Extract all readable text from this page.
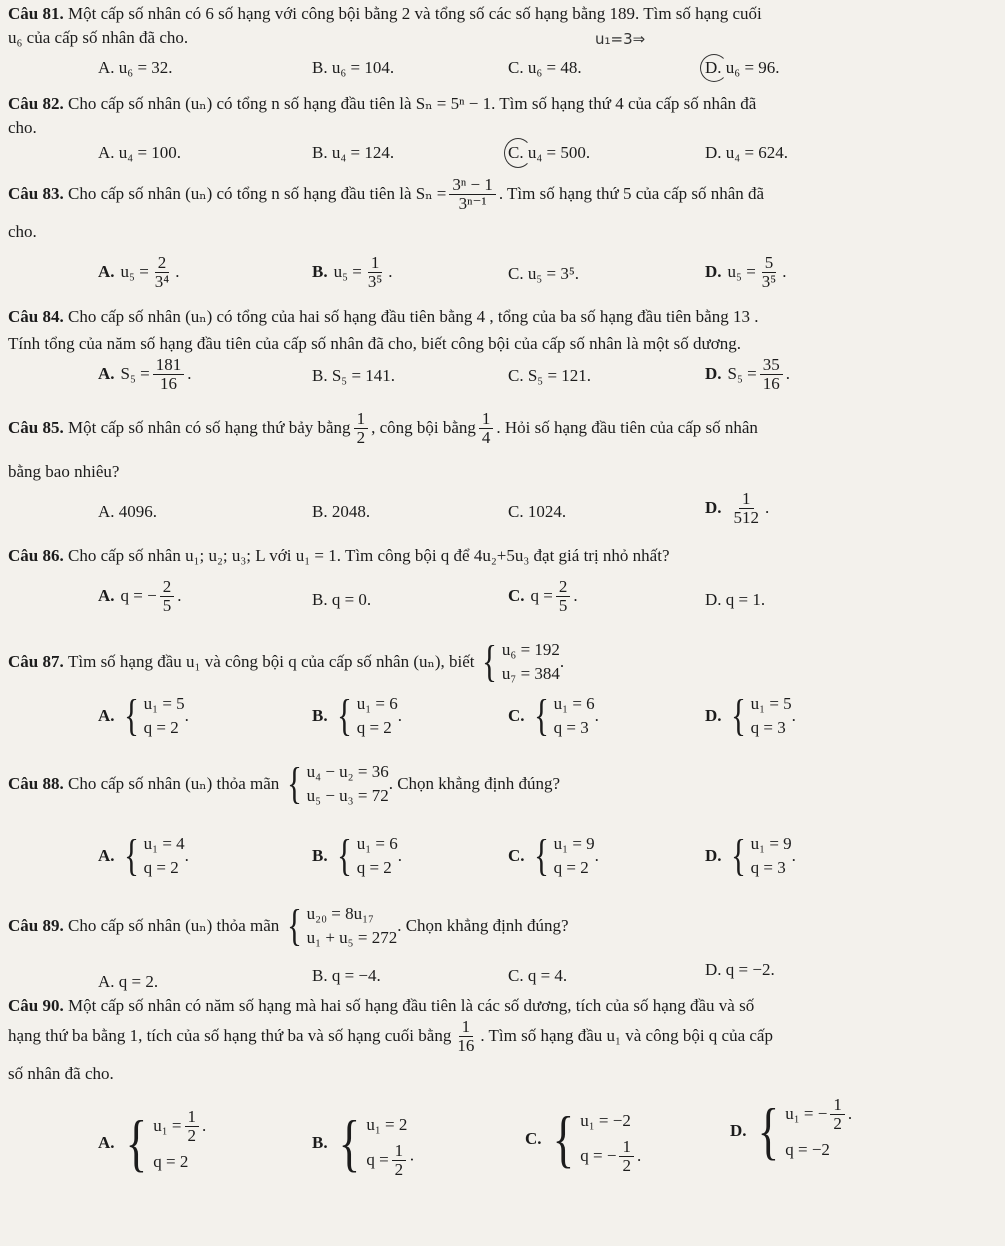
Câu 81. Một cấp số nhân có 6 số hạng với công bội bằng 2 và tổng số các số hạng bằng 189. Tìm số hạng cuối
u₆ của cấp số nhân đã cho.	u₁=3⇒
A. u₆ = 32.	B. u₆ = 104.	C. u₆ = 48.	D. u₆ = 96.
Câu 82. Cho cấp số nhân (uₙ) có tổng n số hạng đầu tiên là Sₙ = 5ⁿ − 1. Tìm số hạng thứ 4 của cấp số nhân đã
cho.
A. u₄ = 100.	B. u₄ = 124.	C. u₄ = 500.	D. u₄ = 624.
Câu 83.
Cho cấp số nhân (uₙ) có tổng n số hạng đầu tiên là $S_n = \frac{\text{3ⁿ − 1}}{\text{3ⁿ⁻¹}}$ . Tìm số hạng thứ 5 của cấp số nhân đã
cho.
A. $u_5 = \frac{2}{\text{3⁴}}$ .	B. $u_5 = \frac{1}{\text{3⁵}}$ .	C. u₅ = 3⁵.	D. $u_5 = \frac{5}{\text{3⁵}}$ .
Câu 84. Cho cấp số nhân (uₙ) có tổng của hai số hạng đầu tiên bằng 4 , tổng của ba số hạng đầu tiên bằng 13 .
Tính tổng của năm số hạng đầu tiên của cấp số nhân đã cho, biết công bội của cấp số nhân là một số dương.
A. $S_5 = \frac{181}{16}$ .	B. S₅ = 141.	C. S₅ = 121.	D. $S_5 = \frac{35}{16}$ .
Câu 85.
Một cấp số nhân có số hạng thứ bảy bằng $\frac{1}{2}$ , công bội bằng $\frac{1}{4}$ . Hỏi số hạng đầu tiên của cấp số nhân
bằng bao nhiêu?
A. 4096.	B. 2048.	C. 1024.	D. $\frac{1}{512}$ .
Câu 86. Cho cấp số nhân u₁; u₂; u₃; L với u₁ = 1. Tìm công bội q để 4u₂+5u₃ đạt giá trị nhỏ nhất?
A. q = − $\frac{2}{5}$ .	B. q = 0.	C. $q = \frac{2}{5}$ .	D. q = 1.
Câu 87.
Tìm số hạng đầu u₁ và công bội q của cấp số nhân (uₙ), biết
{ u₆ = 192
u₇ = 384
.
A. { u₁ = 5
q = 2
.	B. { u₁ = 6
q = 2
.	C. { u₁ = 6
q = 3
.	D. { u₁ = 5
q = 3
.
Câu 88.
Cho cấp số nhân (uₙ) thỏa mãn
{ u₄ − u₂ = 36
u₅ − u₃ = 72
. Chọn khẳng định đúng?
A. { u₁ = 4
q = 2
.	B. { u₁ = 6
q = 2
.	C. { u₁ = 9
q = 2
.	D. { u₁ = 9
q = 3
.
Câu 89.
Cho cấp số nhân (uₙ) thỏa mãn
{ u₂₀ = 8u₁₇
u₁ + u₅ = 272
. Chọn khẳng định đúng?
A. q = 2.	B. q = −4.	C. q = 4.	D. q = −2.
Câu 90. Một cấp số nhân có năm số hạng mà hai số hạng đầu tiên là các số dương, tích của số hạng đầu và số
hạng thứ ba bằng 1, tích của số hạng thứ ba và số hạng cuối bằng $\frac{1}{16}$ . Tìm số hạng đầu u₁ và công bội q của cấp
số nhân đã cho.
A. { $u_1 = \frac{1}{2}$ .
q = 2
B. { u₁ = 2
$q = \frac{1}{2}$ ·
C. { u₁ = −2
q = − $\frac{1}{2}$ .
D. { u₁ = − $\frac{1}{2}$ .
q = −2
